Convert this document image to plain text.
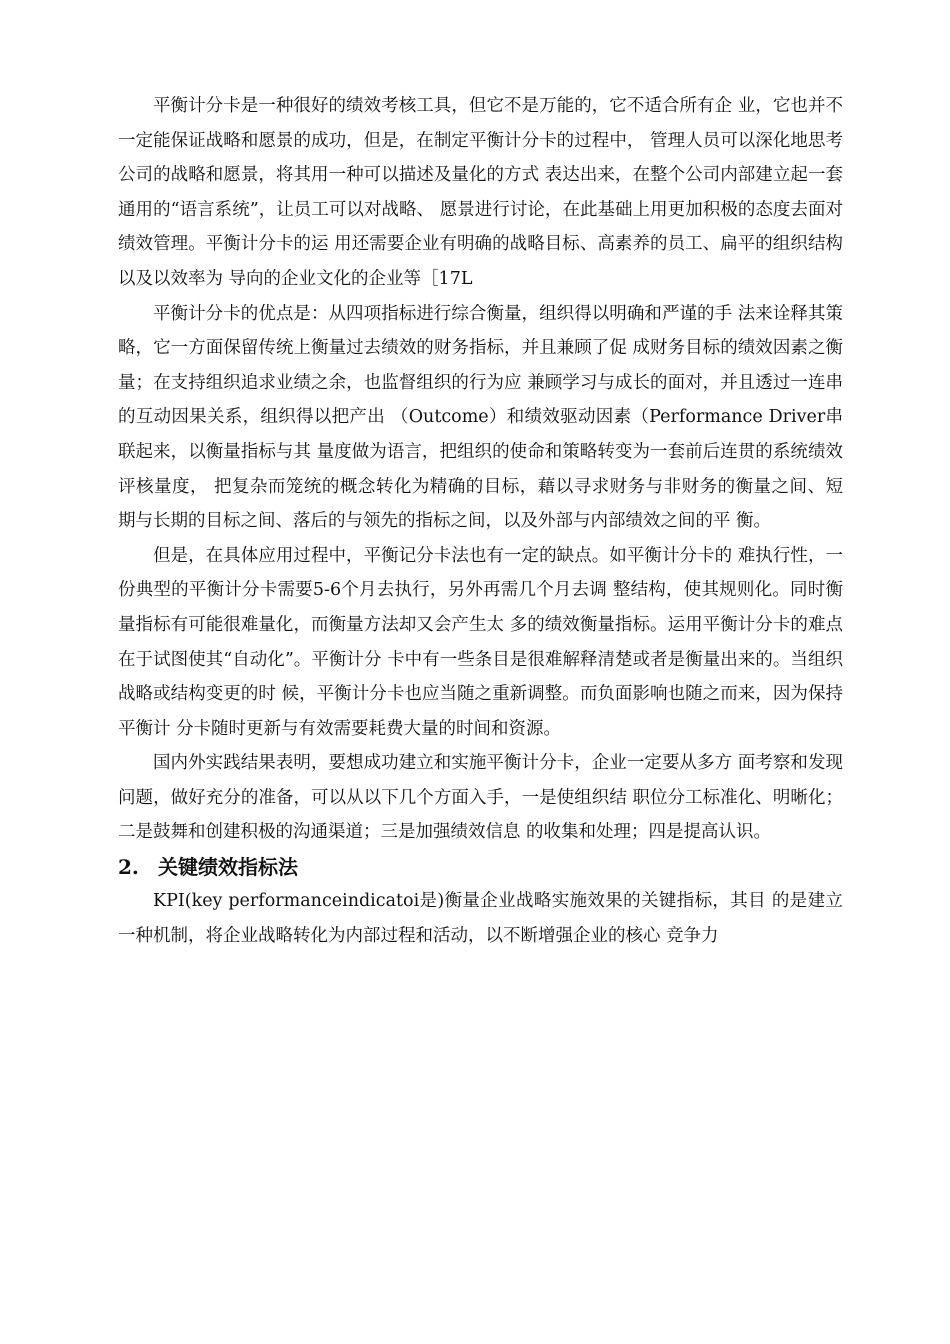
平衡计分卡是一种很好的绩效考核工具，但它不是万能的，它不适合所有企 业，它也并不一定能保证战略和愿景的成功，但是，在制定平衡计分卡的过程中， 管理人员可以深化地思考公司的战略和愿景，将其用一种可以描述及量化的方式 表达出来，在整个公司内部建立起一套通用的“语言系统”，让员工可以对战略、 愿景进行讨论，在此基础上用更加积极的态度去面对绩效管理。平衡计分卡的运 用还需要企业有明确的战略目标、高素养的员工、扁平的组织结构以及以效率为 导向的企业文化的企业等［17L

平衡计分卡的优点是：从四项指标进行综合衡量，组织得以明确和严谨的手 法来诠释其策略，它一方面保留传统上衡量过去绩效的财务指标，并且兼顾了促 成财务目标的绩效因素之衡量；在支持组织追求业绩之余，也监督组织的行为应 兼顾学习与成长的面对，并且透过一连串的互动因果关系，组织得以把产出 （Outcome）和绩效驱动因素（Performance Driver串联起来，以衡量指标与其 量度做为语言，把组织的使命和策略转变为一套前后连贯的系统绩效评核量度， 把复杂而笼统的概念转化为精确的目标，藉以寻求财务与非财务的衡量之间、短 期与长期的目标之间、落后的与领先的指标之间，以及外部与内部绩效之间的平 衡。

但是，在具体应用过程中，平衡记分卡法也有一定的缺点。如平衡计分卡的 难执行性，一份典型的平衡计分卡需要5-6个月去执行，另外再需几个月去调 整结构，使其规则化。同时衡量指标有可能很难量化，而衡量方法却又会产生太 多的绩效衡量指标。运用平衡计分卡的难点在于试图使其“自动化”。平衡计分 卡中有一些条目是很难解释清楚或者是衡量出来的。当组织战略或结构变更的时 候，平衡计分卡也应当随之重新调整。而负面影响也随之而来，因为保持平衡计 分卡随时更新与有效需要耗费大量的时间和资源。

国内外实践结果表明，要想成功建立和实施平衡计分卡，企业一定要从多方 面考察和发现问题，做好充分的准备，可以从以下几个方面入手，一是使组织结 职位分工标准化、明晰化；二是鼓舞和创建积极的沟通渠道；三是加强绩效信息 的收集和处理；四是提高认识。

2. 关键绩效指标法

KPI(key performanceindicatoi是)衡量企业战略实施效果的关键指标，其目 的是建立一种机制，将企业战略转化为内部过程和活动，以不断增强企业的核心 竞争力
